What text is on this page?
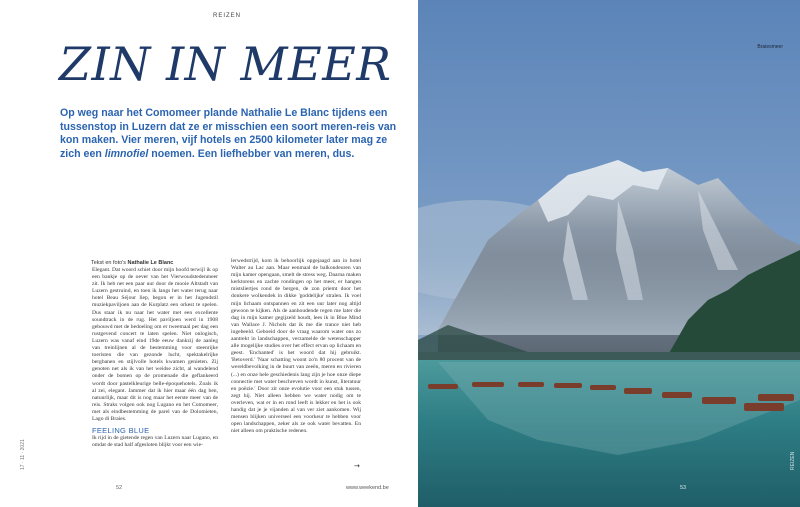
REIZEN
ZIN IN MEER
Op weg naar het Comomeer plande Nathalie Le Blanc tijdens een tussenstop in Luzern dat ze er misschien een soort meren-reis van kon maken. Vier meren, vijf hotels en 2500 kilometer later mag ze zich een limnofiel noemen. Een liefhebber van meren, dus.
Tekst en foto's Nathalie Le Blanc

Elegant. Dat woord schiet door mijn hoofd terwijl ik op een bankje op de oever van het Vierwoudstedenmeer zit. Ik heb net een paar uur door de mooie Altstadt van Luzern gestruind, en toen ik langs het water terug naar hotel Beau Séjour liep, begon er in het Jugendstil muziekpaviljoen aan de Kurplatz een orkest te spelen. Dus staar ik nu naar het water met een excellente soundtrack in de rug. Het paviljoen werd in 1908 gebouwd met de bedoeling om er tweemaal per dag een rustgevend concert te laten spelen. Niet onlogisch, Luzern was vanaf eind 19de eeuw dankzij de aanleg van treinlijnen al de bestemming voor steenrijke toeristen die van gezonde lucht, spektakelrijke bergbanen en stijlvolle hotels kwamen genieten. Zij genoten net als ik van het weidse zicht, al wandelend onder de bomen op de promenade die geflankeerd wordt door pastelkleurige belle-époquehotels. Zoals ik al zei, elegant. Jammer dat ik hier maar één dag ben, natuurlijk, maar dit is nog maar het eerste meer van de reis. Straks volgen ook nog Lugano en het Comomeer, met als eindbestemming de parel van de Dolomieten, Lago di Braies.

FEELING BLUE

Ik rijd in de gietende regen van Luzern naar Lugano, en omdat de stad half afgesloten blijkt voor een wie-

lerwedstrijd, kom ik behoorlijk opgejaagd aan in hotel Walter au Lac aan. Maar eenmaal de balkondeuren van mijn kamer opengaan, smelt de stress weg. Daarna maken kerktorens en zachte rondingen op het meer, er hangen mistsliertjes rond de bergen, de zon priemt door het donkere wolkendek in dikke 'goddelijke' stralen. Ik voel mijn lichaam ontspannen en zit een uur later nog altijd gewoon te kijken. Als de aanhoudende regen me later die dag in mijn kamer gegijzeld houdt, lees ik in Blue Mind van Wallace J. Nichols dat ik me die trance niet heb ingebeeld. Geboeid door de vraag waarom water ons zo aantrekt in landschappen, verzamelde de wetenschapper alle mogelijke studies over het effect ervan op lichaam en geest. 'Enchanted' is het woord dat hij gebruikt. 'Betoverd.' 'Naar schatting woont zo'n 80 procent van de wereldbevolking in de buurt van zeeën, meren en rivieren (...) en onze hele geschiedenis lang zijn je hoe onze diepe connectie met water beschreven wordt in kunst, literatuur en poëzie.' Door zit onze evolutie voor een stuk tussen, zegt hij. Niet alleen hebben we water nodig om te overleven, wat er in en rond leeft is lekker en het is ook handig dat je je vijanden al van ver ziet aankomen. Wij mensen blijken universeel een voorkeur te hebben voor open landschappen, zeker als ze ook water bevatten. En niet alleen om praktische redenen.

→
52	www.weekend.be
17 · 11 · 2021
Braiesmeer
53
REIZEN
